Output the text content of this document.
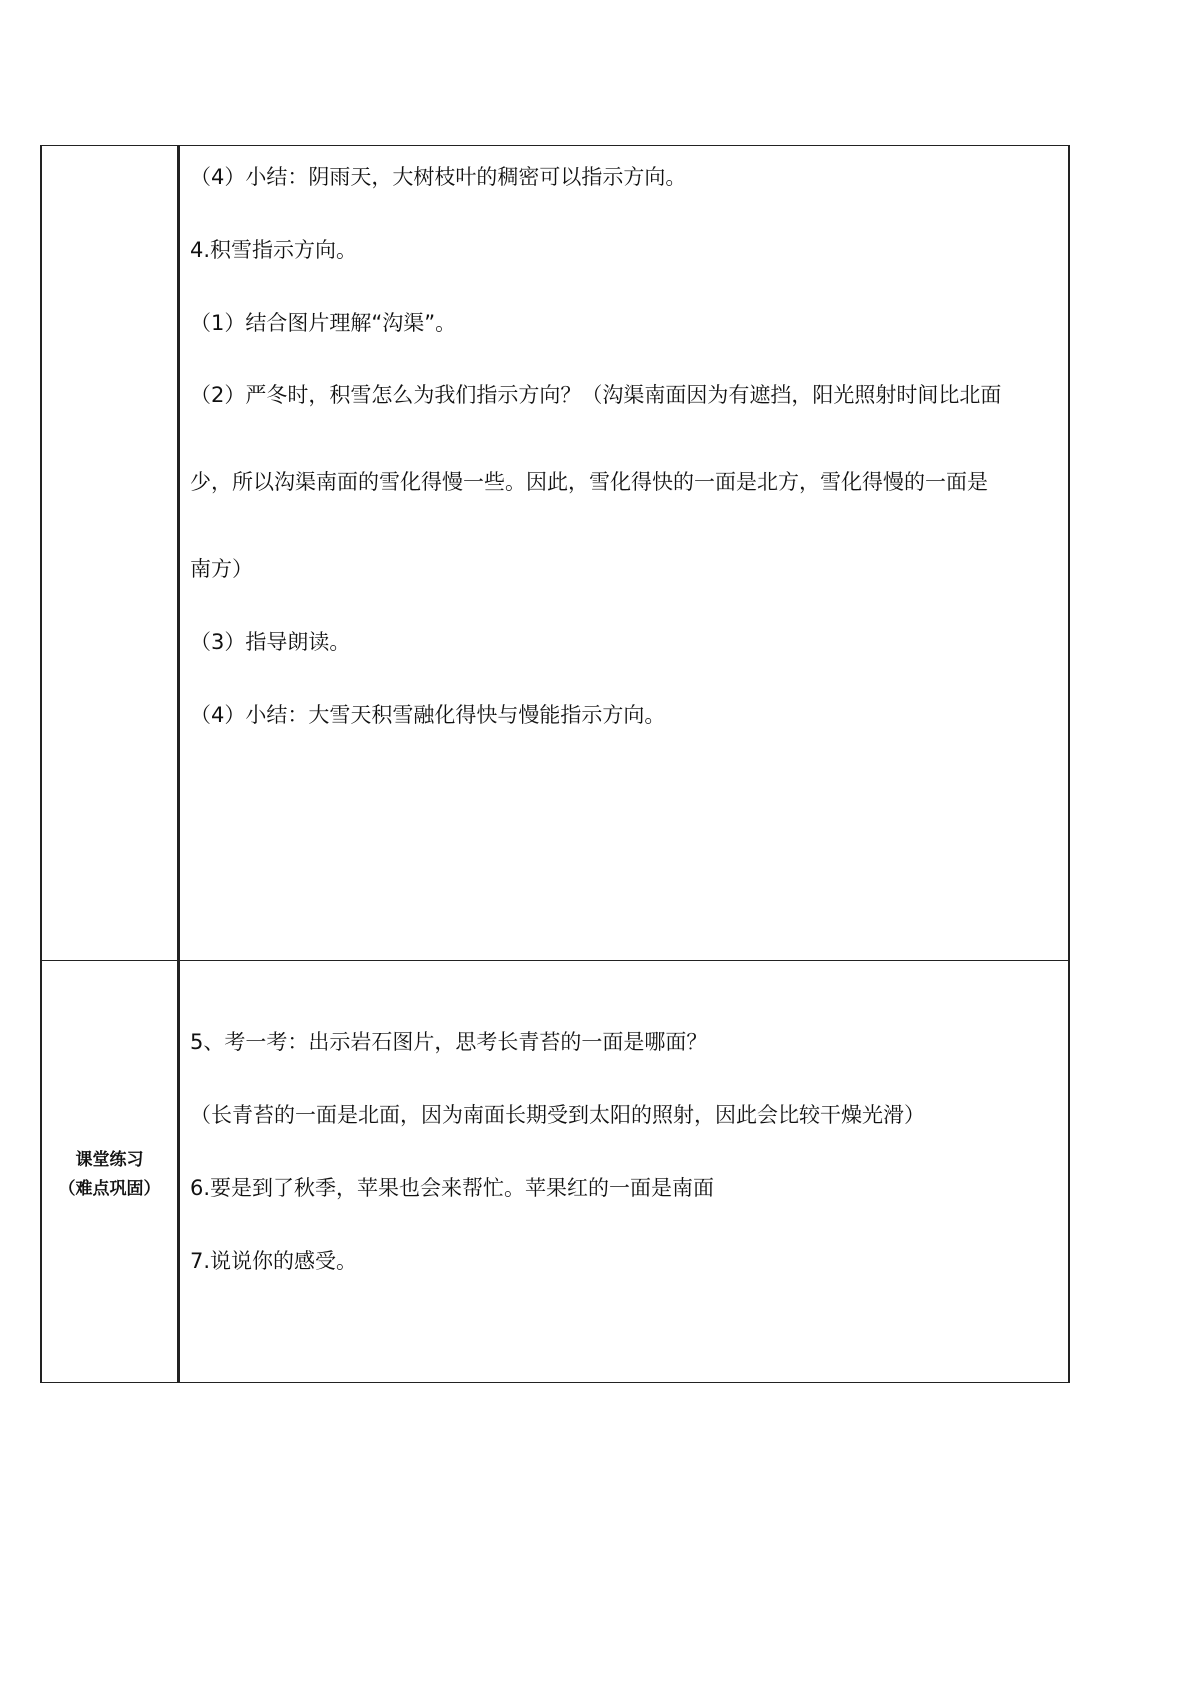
（4）小结：阴雨天，大树枝叶的稠密可以指示方向。
4.积雪指示方向。
（1）结合图片理解“沟渠”。
（2）严冬时，积雪怎么为我们指示方向？（沟渠南面因为有遮挡，阳光照射时间比北面
少，所以沟渠南面的雪化得慢一些。因此，雪化得快的一面是北方，雪化得慢的一面是
南方）
（3）指导朗读。
（4）小结：大雪天积雪融化得快与慢能指示方向。
课堂练习
（难点巩固）
5、考一考：出示岩石图片，思考长青苔的一面是哪面？
（长青苔的一面是北面，因为南面长期受到太阳的照射，因此会比较干燥光滑）
6.要是到了秋季，苹果也会来帮忙。苹果红的一面是南面
7.说说你的感受。
